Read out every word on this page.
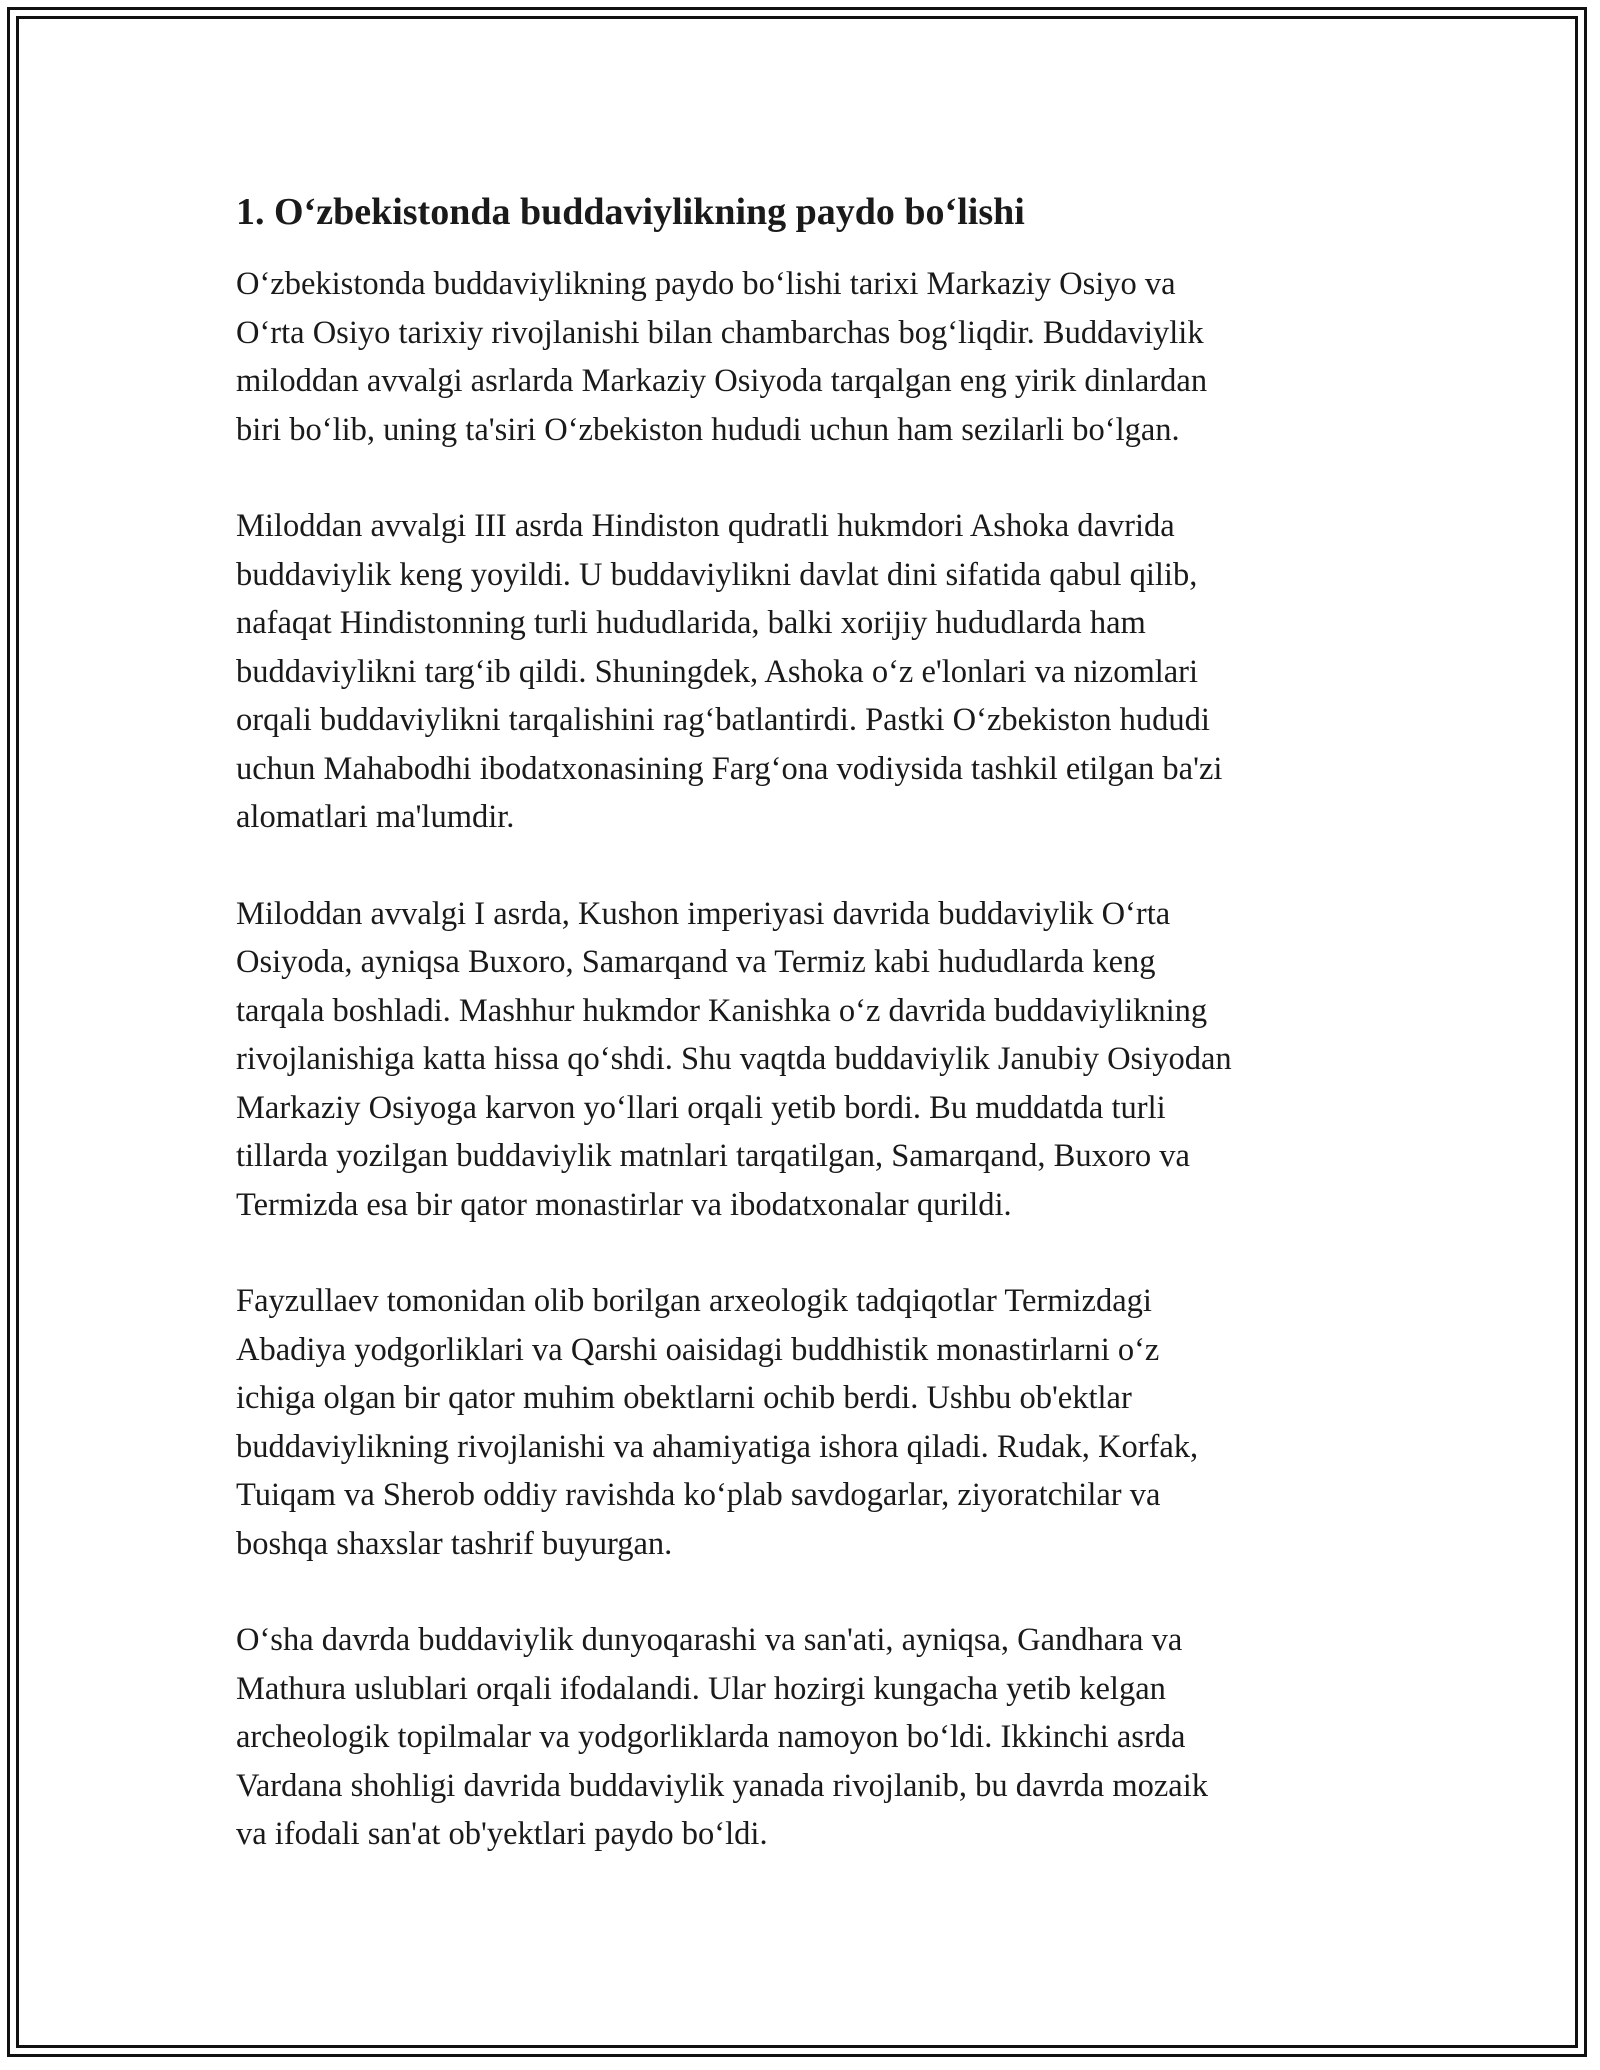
1. O‘zbekistonda buddaviylikning paydo bo‘lishi

O‘zbekistonda buddaviylikning paydo bo‘lishi tarixi Markaziy Osiyo va
O‘rta Osiyo tarixiy rivojlanishi bilan chambarchas bog‘liqdir. Buddaviylik
miloddan avvalgi asrlarda Markaziy Osiyoda tarqalgan eng yirik dinlardan
biri bo‘lib, uning ta'siri O‘zbekiston hududi uchun ham sezilarli bo‘lgan.

Miloddan avvalgi III asrda Hindiston qudratli hukmdori Ashoka davrida
buddaviylik keng yoyildi. U buddaviylikni davlat dini sifatida qabul qilib,
nafaqat Hindistonning turli hududlarida, balki xorijiy hududlarda ham
buddaviylikni targ‘ib qildi. Shuningdek, Ashoka o‘z e'lonlari va nizomlari
orqali buddaviylikni tarqalishini rag‘batlantirdi. Pastki O‘zbekiston hududi
uchun Mahabodhi ibodatxonasining Farg‘ona vodiysida tashkil etilgan ba'zi
alomatlari ma'lumdir.

Miloddan avvalgi I asrda, Kushon imperiyasi davrida buddaviylik O‘rta
Osiyoda, ayniqsa Buxoro, Samarqand va Termiz kabi hududlarda keng
tarqala boshladi. Mashhur hukmdor Kanishka o‘z davrida buddaviylikning
rivojlanishiga katta hissa qo‘shdi. Shu vaqtda buddaviylik Janubiy Osiyodan
Markaziy Osiyoga karvon yo‘llari orqali yetib bordi. Bu muddatda turli
tillarda yozilgan buddaviylik matnlari tarqatilgan, Samarqand, Buxoro va
Termizda esa bir qator monastirlar va ibodatxonalar qurildi.

Fayzullaev tomonidan olib borilgan arxeologik tadqiqotlar Termizdagi
Abadiya yodgorliklari va Qarshi oaisidagi buddhistik monastirlarni o‘z
ichiga olgan bir qator muhim obektlarni ochib berdi. Ushbu ob'ektlar
buddaviylikning rivojlanishi va ahamiyatiga ishora qiladi. Rudak, Korfak,
Tuiqam va Sherob oddiy ravishda ko‘plab savdogarlar, ziyoratchilar va
boshqa shaxslar tashrif buyurgan.

O‘sha davrda buddaviylik dunyoqarashi va san'ati, ayniqsa, Gandhara va
Mathura uslublari orqali ifodalandi. Ular hozirgi kungacha yetib kelgan
archeologik topilmalar va yodgorliklarda namoyon bo‘ldi. Ikkinchi asrda
Vardana shohligi davrida buddaviylik yanada rivojlanib, bu davrda mozaik
va ifodali san'at ob'yektlari paydo bo‘ldi.
